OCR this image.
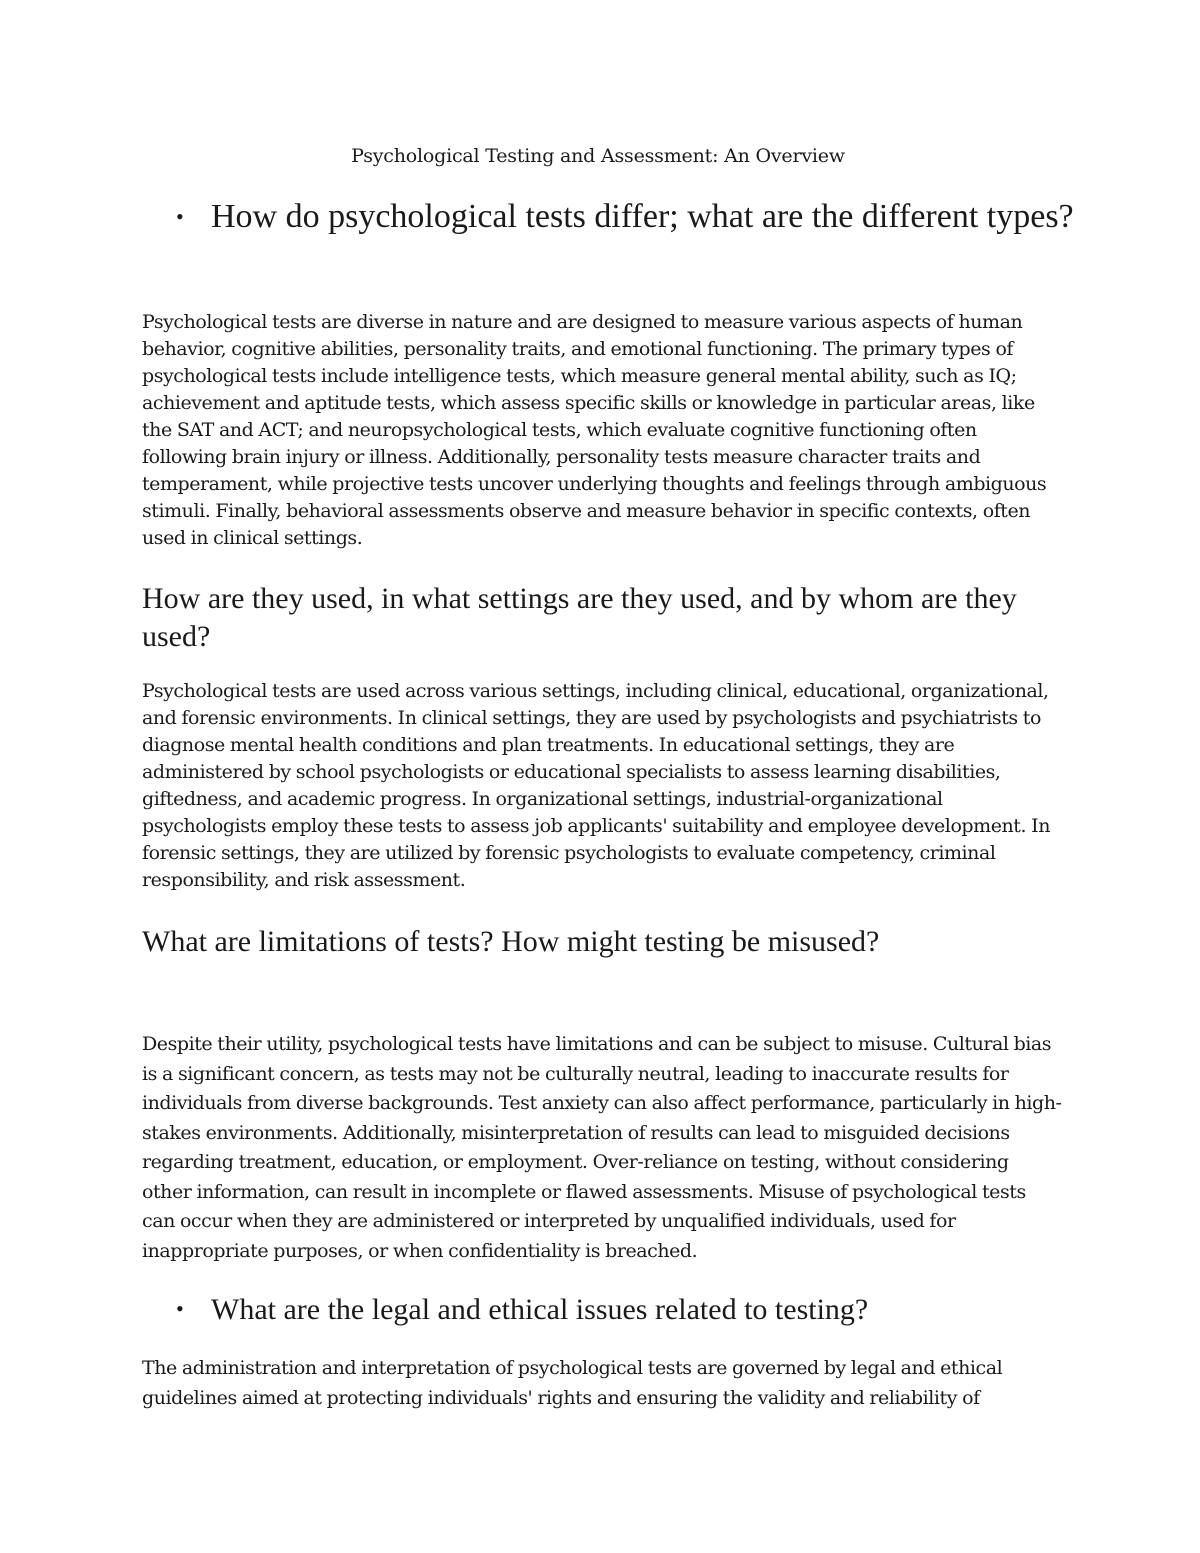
Psychological Testing and Assessment: An Overview
• How do psychological tests differ; what are the different types?

Psychological tests are diverse in nature and are designed to measure various aspects of human behavior, cognitive abilities, personality traits, and emotional functioning. The primary types of psychological tests include intelligence tests, which measure general mental ability, such as IQ; achievement and aptitude tests, which assess specific skills or knowledge in particular areas, like the SAT and ACT; and neuropsychological tests, which evaluate cognitive functioning often following brain injury or illness. Additionally, personality tests measure character traits and temperament, while projective tests uncover underlying thoughts and feelings through ambiguous stimuli. Finally, behavioral assessments observe and measure behavior in specific contexts, often used in clinical settings.

How are they used, in what settings are they used, and by whom are they used?

Psychological tests are used across various settings, including clinical, educational, organizational, and forensic environments. In clinical settings, they are used by psychologists and psychiatrists to diagnose mental health conditions and plan treatments. In educational settings, they are administered by school psychologists or educational specialists to assess learning disabilities, giftedness, and academic progress. In organizational settings, industrial-organizational psychologists employ these tests to assess job applicants' suitability and employee development. In forensic settings, they are utilized by forensic psychologists to evaluate competency, criminal responsibility, and risk assessment.

What are limitations of tests? How might testing be misused?

Despite their utility, psychological tests have limitations and can be subject to misuse. Cultural bias is a significant concern, as tests may not be culturally neutral, leading to inaccurate results for individuals from diverse backgrounds. Test anxiety can also affect performance, particularly in high-stakes environments. Additionally, misinterpretation of results can lead to misguided decisions regarding treatment, education, or employment. Over-reliance on testing, without considering other information, can result in incomplete or flawed assessments. Misuse of psychological tests can occur when they are administered or interpreted by unqualified individuals, used for inappropriate purposes, or when confidentiality is breached.

• What are the legal and ethical issues related to testing?

The administration and interpretation of psychological tests are governed by legal and ethical guidelines aimed at protecting individuals' rights and ensuring the validity and reliability of
